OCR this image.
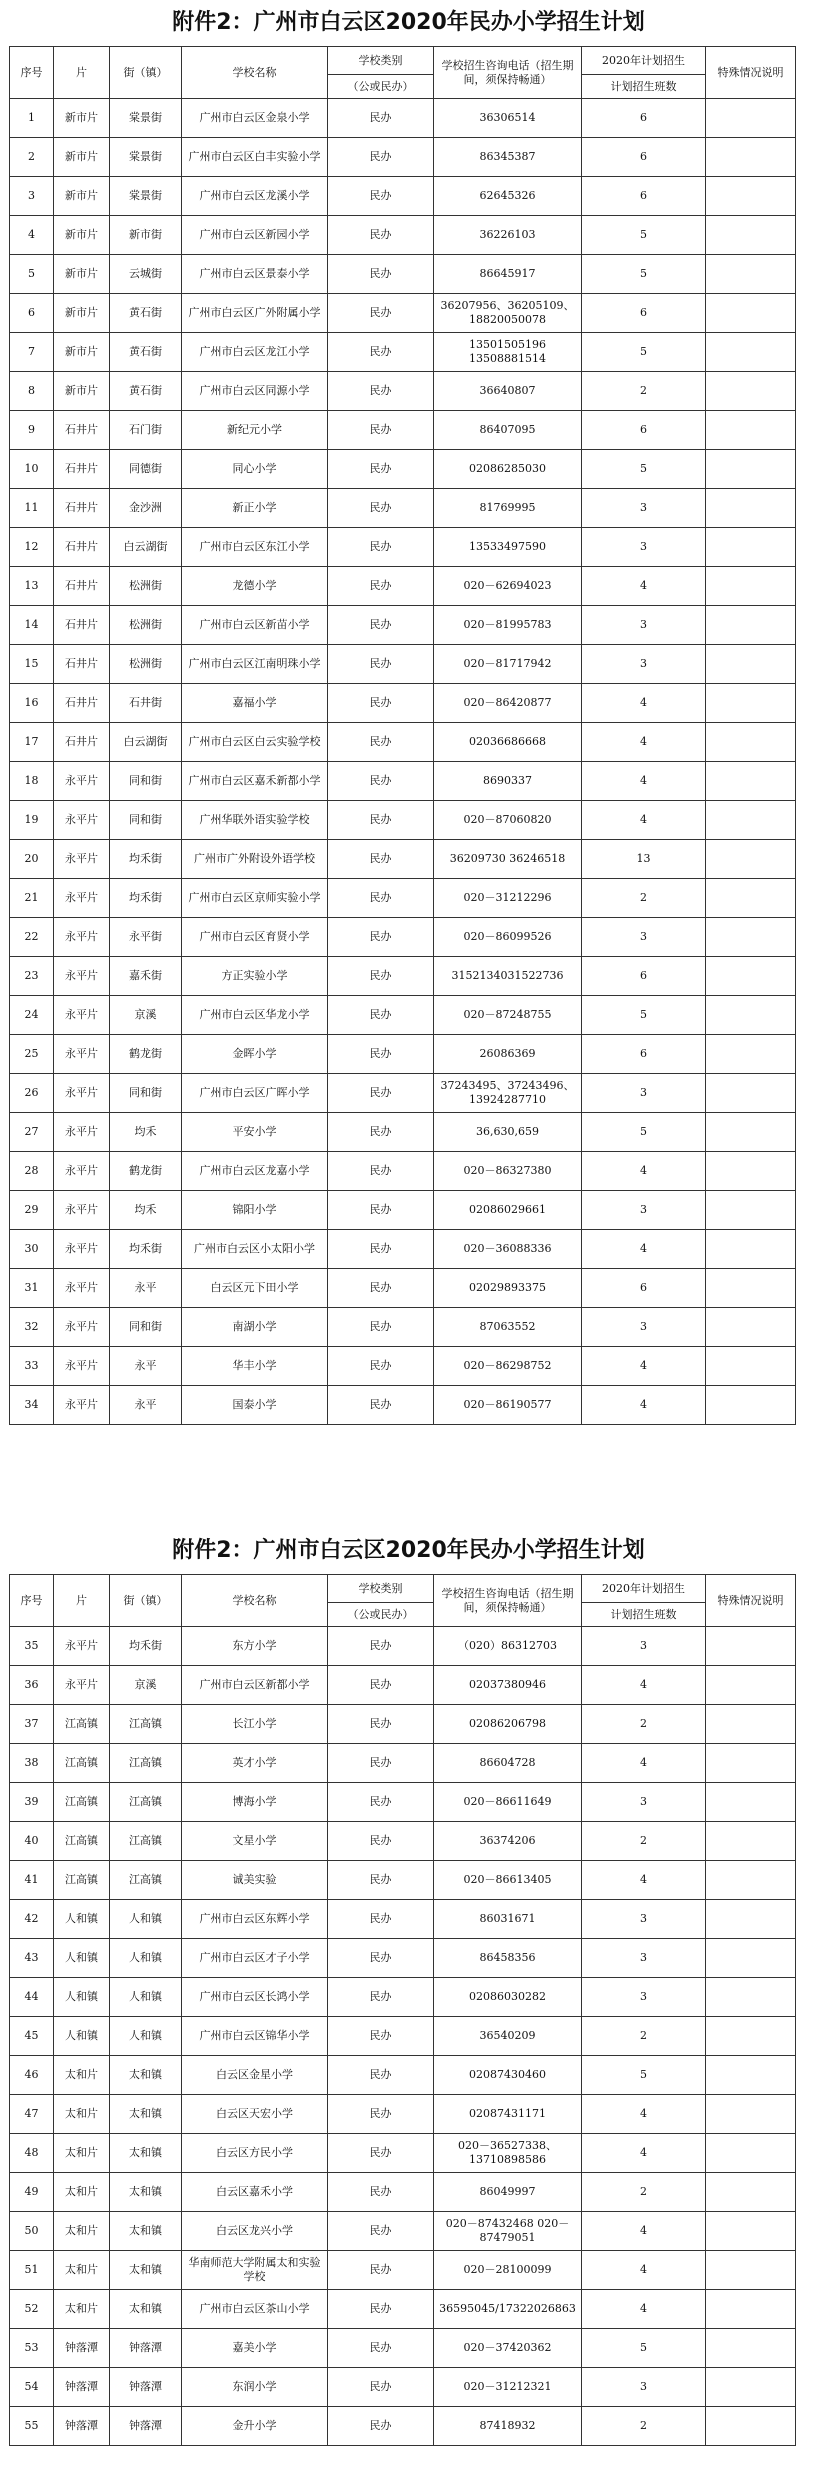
附件2：广州市白云区2020年民办小学招生计划
序号	片	街（镇）	学校名称	学校类别	学校招生咨询电话（招生期间，须保持畅通）	2020年计划招生	特殊情况说明
				（公或民办）		计划招生班数	
1	新市片	棠景街	广州市白云区金泉小学	民办	36306514	6	
2	新市片	棠景街	广州市白云区白丰实验小学	民办	86345387	6	
3	新市片	棠景街	广州市白云区龙溪小学	民办	62645326	6	
4	新市片	新市街	广州市白云区新园小学	民办	36226103	5	
5	新市片	云城街	广州市白云区景泰小学	民办	86645917	5	
6	新市片	黄石街	广州市白云区广外附属小学	民办	36207956、36205109、18820050078	6	
7	新市片	黄石街	广州市白云区龙江小学	民办	13501505196 13508881514	5	
8	新市片	黄石街	广州市白云区同源小学	民办	36640807	2	
9	石井片	石门街	新纪元小学	民办	86407095	6	
10	石井片	同德街	同心小学	民办	02086285030	5	
11	石井片	金沙洲	新正小学	民办	81769995	3	
12	石井片	白云湖街	广州市白云区东江小学	民办	13533497590	3	
13	石井片	松洲街	龙德小学	民办	020－62694023	4	
14	石井片	松洲街	广州市白云区新苗小学	民办	020－81995783	3	
15	石井片	松洲街	广州市白云区江南明珠小学	民办	020－81717942	3	
16	石井片	石井街	嘉福小学	民办	020－86420877	4	
17	石井片	白云湖街	广州市白云区白云实验学校	民办	02036686668	4	
18	永平片	同和街	广州市白云区嘉禾新都小学	民办	8690337	4	
19	永平片	同和街	广州华联外语实验学校	民办	020－87060820	4	
20	永平片	均禾街	广州市广外附设外语学校	民办	36209730 36246518	13	
21	永平片	均禾街	广州市白云区京师实验小学	民办	020－31212296	2	
22	永平片	永平街	广州市白云区育贤小学	民办	020－86099526	3	
23	永平片	嘉禾街	方正实验小学	民办	3152134031522736	6	
24	永平片	京溪	广州市白云区华龙小学	民办	020－87248755	5	
25	永平片	鹤龙街	金晖小学	民办	26086369	6	
26	永平片	同和街	广州市白云区广晖小学	民办	37243495、37243496、13924287710	3	
27	永平片	均禾	平安小学	民办	36,630,659	5	
28	永平片	鹤龙街	广州市白云区龙嘉小学	民办	020－86327380	4	
29	永平片	均禾	锦阳小学	民办	02086029661	3	
30	永平片	均禾街	广州市白云区小太阳小学	民办	020－36088336	4	
31	永平片	永平	白云区元下田小学	民办	02029893375	6	
32	永平片	同和街	南湖小学	民办	87063552	3	
33	永平片	永平	华丰小学	民办	020－86298752	4	
34	永平片	永平	国泰小学	民办	020－86190577	4	
附件2：广州市白云区2020年民办小学招生计划
序号	片	街（镇）	学校名称	学校类别	学校招生咨询电话（招生期间，须保持畅通）	2020年计划招生	特殊情况说明
				（公或民办）		计划招生班数	
35	永平片	均禾街	东方小学	民办	（020）86312703	3	
36	永平片	京溪	广州市白云区新都小学	民办	02037380946	4	
37	江高镇	江高镇	长江小学	民办	02086206798	2	
38	江高镇	江高镇	英才小学	民办	86604728	4	
39	江高镇	江高镇	博海小学	民办	020－86611649	3	
40	江高镇	江高镇	文星小学	民办	36374206	2	
41	江高镇	江高镇	诚美实验	民办	020－86613405	4	
42	人和镇	人和镇	广州市白云区东辉小学	民办	86031671	3	
43	人和镇	人和镇	广州市白云区才子小学	民办	86458356	3	
44	人和镇	人和镇	广州市白云区长鸿小学	民办	02086030282	3	
45	人和镇	人和镇	广州市白云区锦华小学	民办	36540209	2	
46	太和片	太和镇	白云区金星小学	民办	02087430460	5	
47	太和片	太和镇	白云区天宏小学	民办	02087431171	4	
48	太和片	太和镇	白云区方民小学	民办	020－36527338、13710898586	4	
49	太和片	太和镇	白云区嘉禾小学	民办	86049997	2	
50	太和片	太和镇	白云区龙兴小学	民办	020－87432468 020－87479051	4	
51	太和片	太和镇	华南师范大学附属太和实验学校	民办	020－28100099	4	
52	太和片	太和镇	广州市白云区茶山小学	民办	36595045/17322026863	4	
53	钟落潭	钟落潭	嘉美小学	民办	020－37420362	5	
54	钟落潭	钟落潭	东润小学	民办	020－31212321	3	
55	钟落潭	钟落潭	金升小学	民办	87418932	2	
